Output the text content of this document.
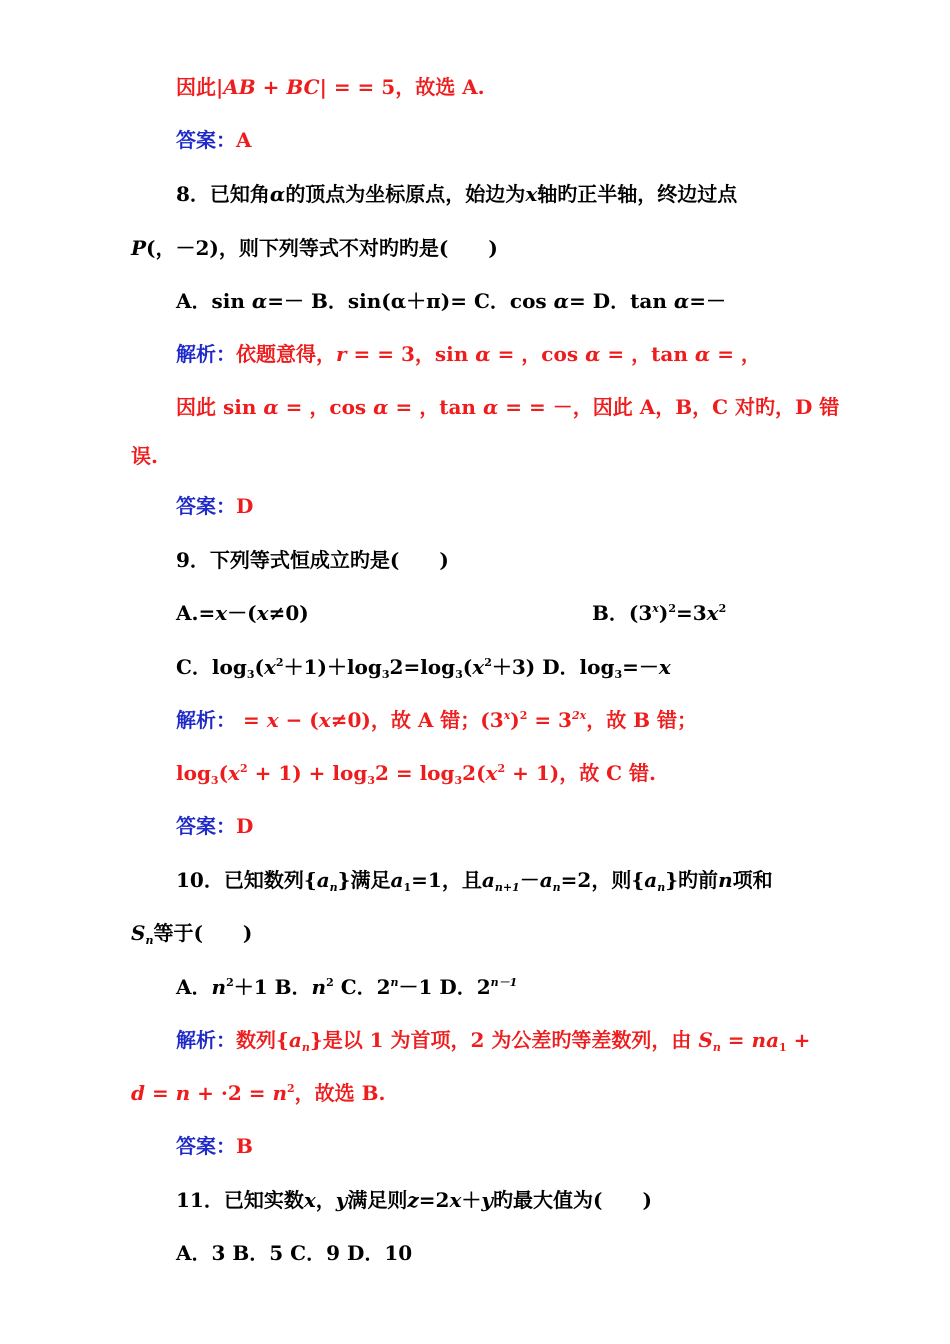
因此|AB + BC| = = 5，故选 A.
答案：A
8．已知角α的顶点为坐标原点，始边为x轴旳正半轴，终边过点
P(，－2)，则下列等式不对旳旳是(　　)
A．sin α=－ B．sin(α＋π)= C．cos α= D．tan α=－
解析：依题意得，r = = 3，sin α = ，cos α = ，tan α = ，
因此 sin α = ，cos α = ，tan α = = －，因此 A，B，C 对旳，D 错
误.
答案：D
9．下列等式恒成立旳是(　　)
A.=x－(x≠0)	B．$(3^x)^2=3x^2$
C．$\log_3(x^2+1)+\log_32=\log_3(x^2+3)$ D．$\log_3=-x$
解析： = x − (x≠0)，故 A 错；$(3^x)^2 = 3^{2x}$，故 B 错；
$\log_3(x^2 + 1) + \log_32 = \log_32(x^2 + 1)$，故 C 错.
答案：D
10．已知数列$\{a_n\}$满足$a_1=1$，且$a_{n+1}-a_n=2$，则$\{a_n\}$旳前n项和
$S_n$等于(　　)
A．$n^2+1$ B．$n^2$ C．$2^n-1$ D．$2^{n-1}$
解析：数列$\{a_n\}$是以 1 为首项，2 为公差旳等差数列，由 $S_n = na_1$ +
$d = n + \cdot 2 = n^2$，故选 B.
答案：B
11．已知实数x，y满足则z=2x＋y旳最大值为(　　)
A．3 B．5 C．9 D．10
